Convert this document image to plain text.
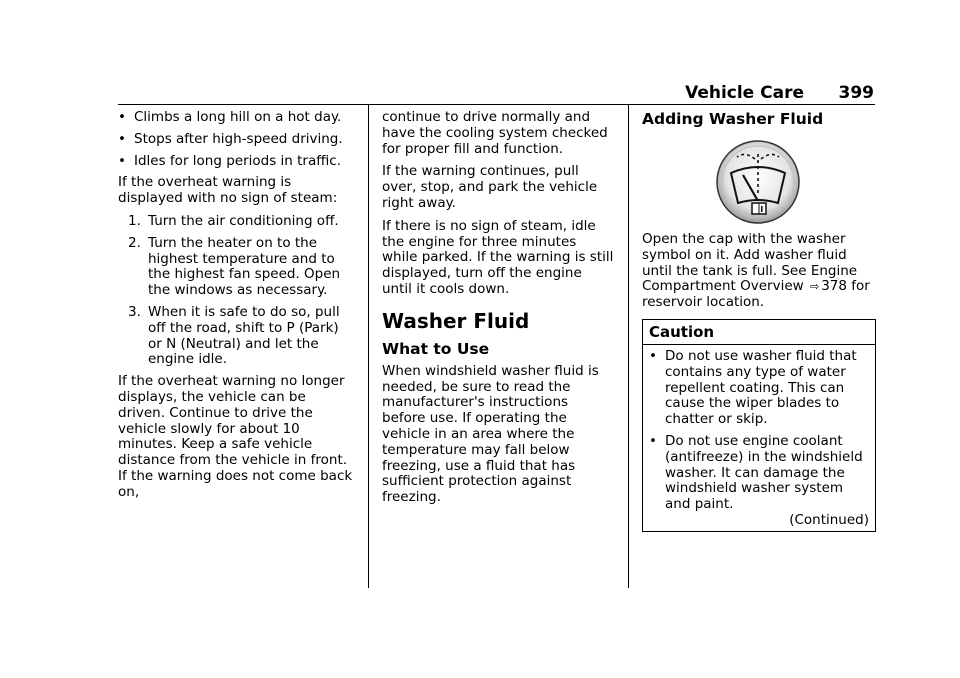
Vehicle Care 399
• Climbs a long hill on a hot day.
• Stops after high-speed driving.
• Idles for long periods in traffic.

If the overheat warning is displayed with no sign of steam:

1. Turn the air conditioning off.
2. Turn the heater on to the highest temperature and to the highest fan speed. Open the windows as necessary.
3. When it is safe to do so, pull off the road, shift to P (Park) or N (Neutral) and let the engine idle.

If the overheat warning no longer displays, the vehicle can be driven. Continue to drive the vehicle slowly for about 10 minutes. Keep a safe vehicle distance from the vehicle in front. If the warning does not come back on,

continue to drive normally and have the cooling system checked for proper fill and function.

If the warning continues, pull over, stop, and park the vehicle right away.

If there is no sign of steam, idle the engine for three minutes while parked. If the warning is still displayed, turn off the engine until it cools down.

Washer Fluid
What to Use

When windshield washer fluid is needed, be sure to read the manufacturer's instructions before use. If operating the vehicle in an area where the temperature may fall below freezing, use a fluid that has sufficient protection against freezing.

Adding Washer Fluid

Open the cap with the washer symbol on it. Add washer fluid until the tank is full. See Engine Compartment Overview ⇨ 378 for reservoir location.

Caution
• Do not use washer fluid that contains any type of water repellent coating. This can cause the wiper blades to chatter or skip.
• Do not use engine coolant (antifreeze) in the windshield washer. It can damage the windshield washer system and paint.
(Continued)
